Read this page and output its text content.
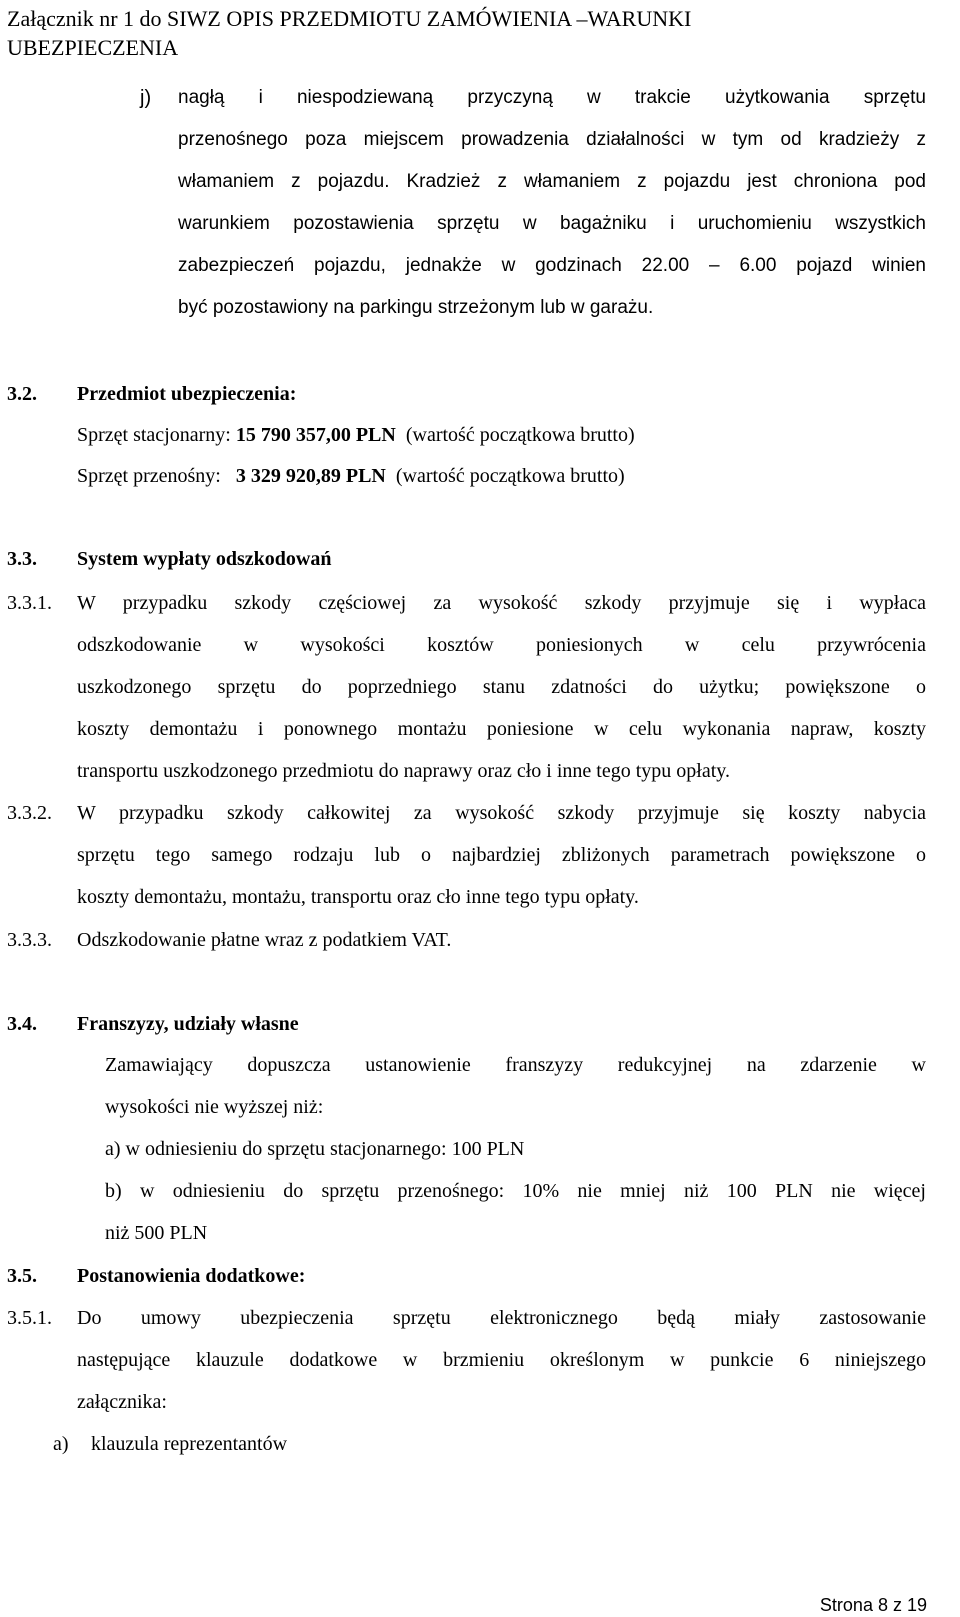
Załącznik nr 1 do SIWZ OPIS PRZEDMIOTU ZAMÓWIENIA –WARUNKI
UBEZPIECZENIA
j) nagłą i niespodziewaną przyczyną w trakcie użytkowania sprzętu
przenośnego poza miejscem prowadzenia działalności w tym od kradzieży z
włamaniem z pojazdu. Kradzież z włamaniem z pojazdu jest chroniona pod
warunkiem pozostawienia sprzętu w bagażniku i uruchomieniu wszystkich
zabezpieczeń pojazdu, jednakże w godzinach 22.00 – 6.00 pojazd winien
być pozostawiony na parkingu strzeżonym lub w garażu.
3.2. Przedmiot ubezpieczenia:
Sprzęt stacjonarny: 15 790 357,00 PLN (wartość początkowa brutto)
Sprzęt przenośny: 3 329 920,89 PLN (wartość początkowa brutto)
3.3. System wypłaty odszkodowań
3.3.1. W przypadku szkody częściowej za wysokość szkody przyjmuje się i wypłaca
odszkodowanie w wysokości kosztów poniesionych w celu przywrócenia
uszkodzonego sprzętu do poprzedniego stanu zdatności do użytku; powiększone o
koszty demontażu i ponownego montażu poniesione w celu wykonania napraw, koszty
transportu uszkodzonego przedmiotu do naprawy oraz cło i inne tego typu opłaty.
3.3.2. W przypadku szkody całkowitej za wysokość szkody przyjmuje się koszty nabycia
sprzętu tego samego rodzaju lub o najbardziej zbliżonych parametrach powiększone o
koszty demontażu, montażu, transportu oraz cło inne tego typu opłaty.
3.3.3. Odszkodowanie płatne wraz z podatkiem VAT.
3.4. Franszyzy, udziały własne
Zamawiający dopuszcza ustanowienie franszyzy redukcyjnej na zdarzenie w
wysokości nie wyższej niż:
a) w odniesieniu do sprzętu stacjonarnego: 100 PLN
b) w odniesieniu do sprzętu przenośnego: 10% nie mniej niż 100 PLN nie więcej
niż 500 PLN
3.5. Postanowienia dodatkowe:
3.5.1. Do umowy ubezpieczenia sprzętu elektronicznego będą miały zastosowanie
następujące klauzule dodatkowe w brzmieniu określonym w punkcie 6 niniejszego
załącznika:
a) klauzula reprezentantów
Strona 8 z 19
